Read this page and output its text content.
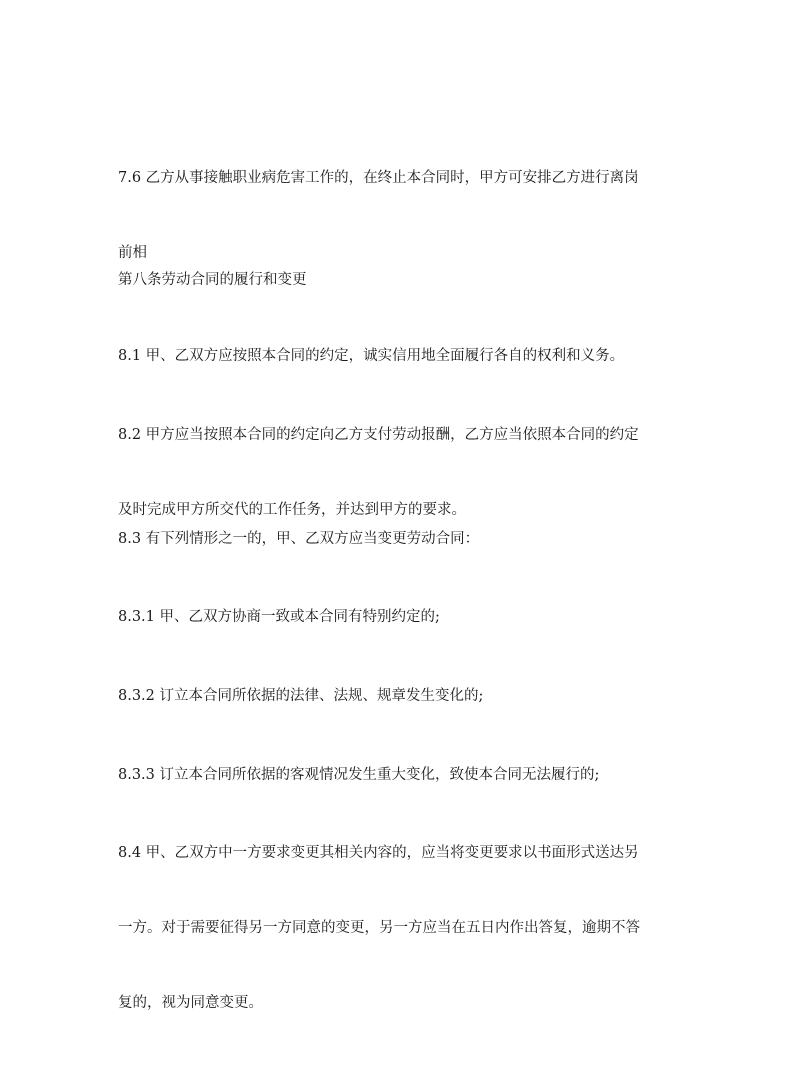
7.6 乙方从事接触职业病危害工作的，在终止本合同时，甲方可安排乙方进行离岗

前相

第八条劳动合同的履行和变更

8.1 甲、乙双方应按照本合同的约定，诚实信用地全面履行各自的权利和义务。

8.2 甲方应当按照本合同的约定向乙方支付劳动报酬，乙方应当依照本合同的约定

及时完成甲方所交代的工作任务，并达到甲方的要求。

8.3 有下列情形之一的，甲、乙双方应当变更劳动合同：

8.3.1 甲、乙双方协商一致或本合同有特别约定的;

8.3.2 订立本合同所依据的法律、法规、规章发生变化的;

8.3.3 订立本合同所依据的客观情况发生重大变化，致使本合同无法履行的;

8.4 甲、乙双方中一方要求变更其相关内容的，应当将变更要求以书面形式送达另

一方。对于需要征得另一方同意的变更，另一方应当在五日内作出答复，逾期不答

复的，视为同意变更。
